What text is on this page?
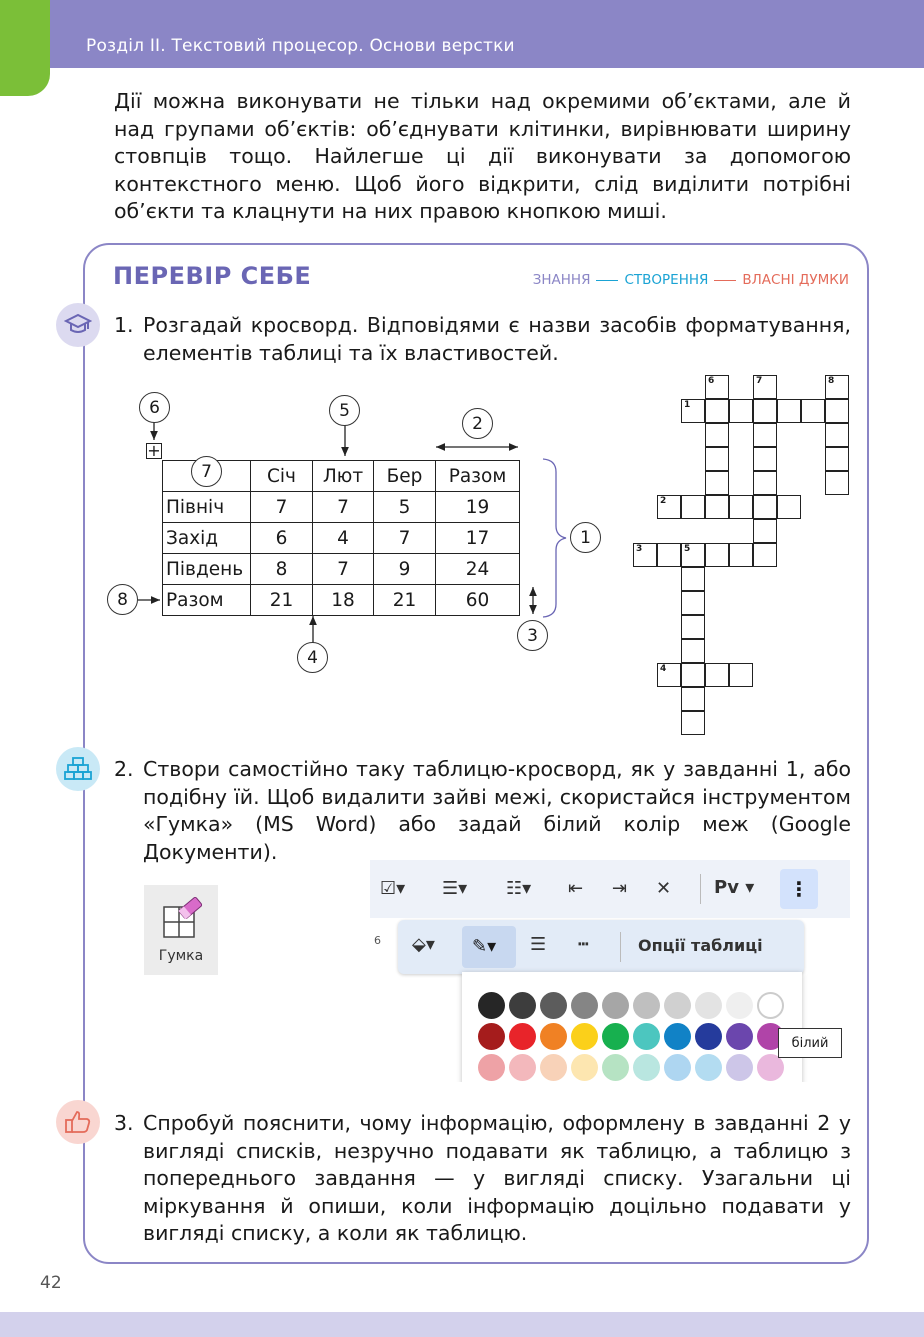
Розділ ІІ. Текстовий процесор. Основи верстки

Дії можна виконувати не тільки над окремими об’єктами, але й над групами об’єктів: об’єднувати клітинки, вирівнювати ширину стовпців тощо. Найлегше ці дії виконувати за допомогою контекстного меню. Щоб його відкрити, слід виділити потрібні об’єкти та клацнути на них правою кнопкою миші.

ПЕРЕВІР СЕБЕ	ЗНАННЯ	СТВОРЕННЯ	ВЛАСНІ ДУМКИ
1. Розгадай кросворд. Відповідями є назви засобів форматування, елементів таблиці та їх властивостей.
+
	Січ	Лют	Бер	Разом
Північ	7	7	5	19
Захід	6	4	7	17
Південь	8	7	9	24
Разом	21	18	21	60
6	5
2
7
1
8
3
4
6	7	8
1
2
3	5
4
2. Створи самостійно таку таблицю-кросворд, як у завданні 1, або подібну їй. Щоб видалити зайві межі, скористайся інструментом «Гумка» (MS Word) або задай білий колір меж (Google Документи).
Гумка
☑▾ ☰▾ ☷▾ ⇤ ⇥ ✕ Рv ▾	⋮
6 ⬙▾ ✎▾ ☰ ┅	Опції таблиці
білий
3. Спробуй пояснити, чому інформацію, оформлену в завданні 2 у вигляді списків, незручно подавати як таблицю, а таблицю з попереднього завдання — у вигляді списку. Узагальни ці міркування й опиши, коли інформацію доцільно подавати у вигляді списку, а коли як таблицю.
42
